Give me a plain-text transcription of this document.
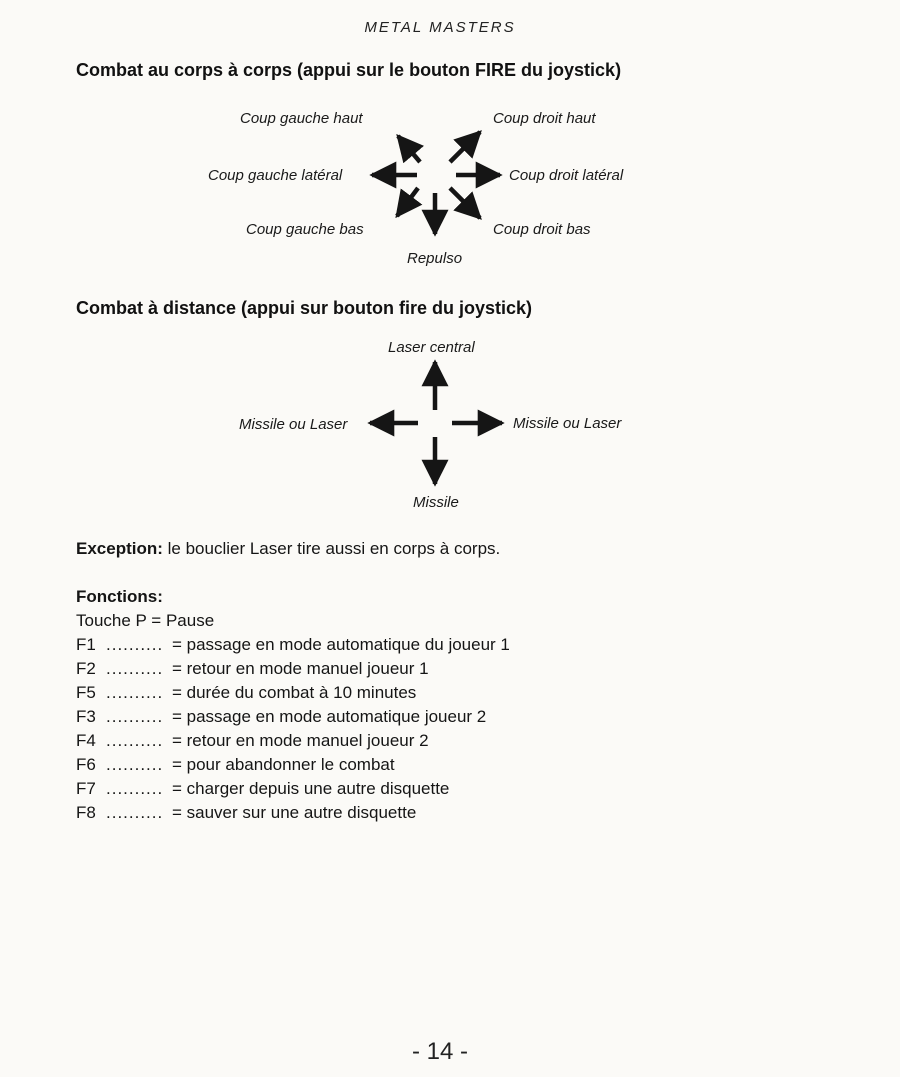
METAL MASTERS
Combat au corps à corps (appui sur le bouton FIRE du joystick)
Coup gauche haut	Coup droit haut
Coup gauche latéral	Coup droit latéral
Coup gauche bas	Coup droit bas
Repulso
Combat à distance (appui sur bouton fire du joystick)
Laser central
Missile ou Laser	Missile ou Laser
Missile
Exception: le bouclier Laser tire aussi en corps à corps.
Fonctions:
Touche P = Pause
F1 .......... = passage en mode automatique du joueur 1
F2 .......... = retour en mode manuel joueur 1
F5 .......... = durée du combat à 10 minutes
F3 .......... = passage en mode automatique joueur 2
F4 .......... = retour en mode manuel joueur 2
F6 .......... = pour abandonner le combat
F7 .......... = charger depuis une autre disquette
F8 .......... = sauver sur une autre disquette
- 14 -
